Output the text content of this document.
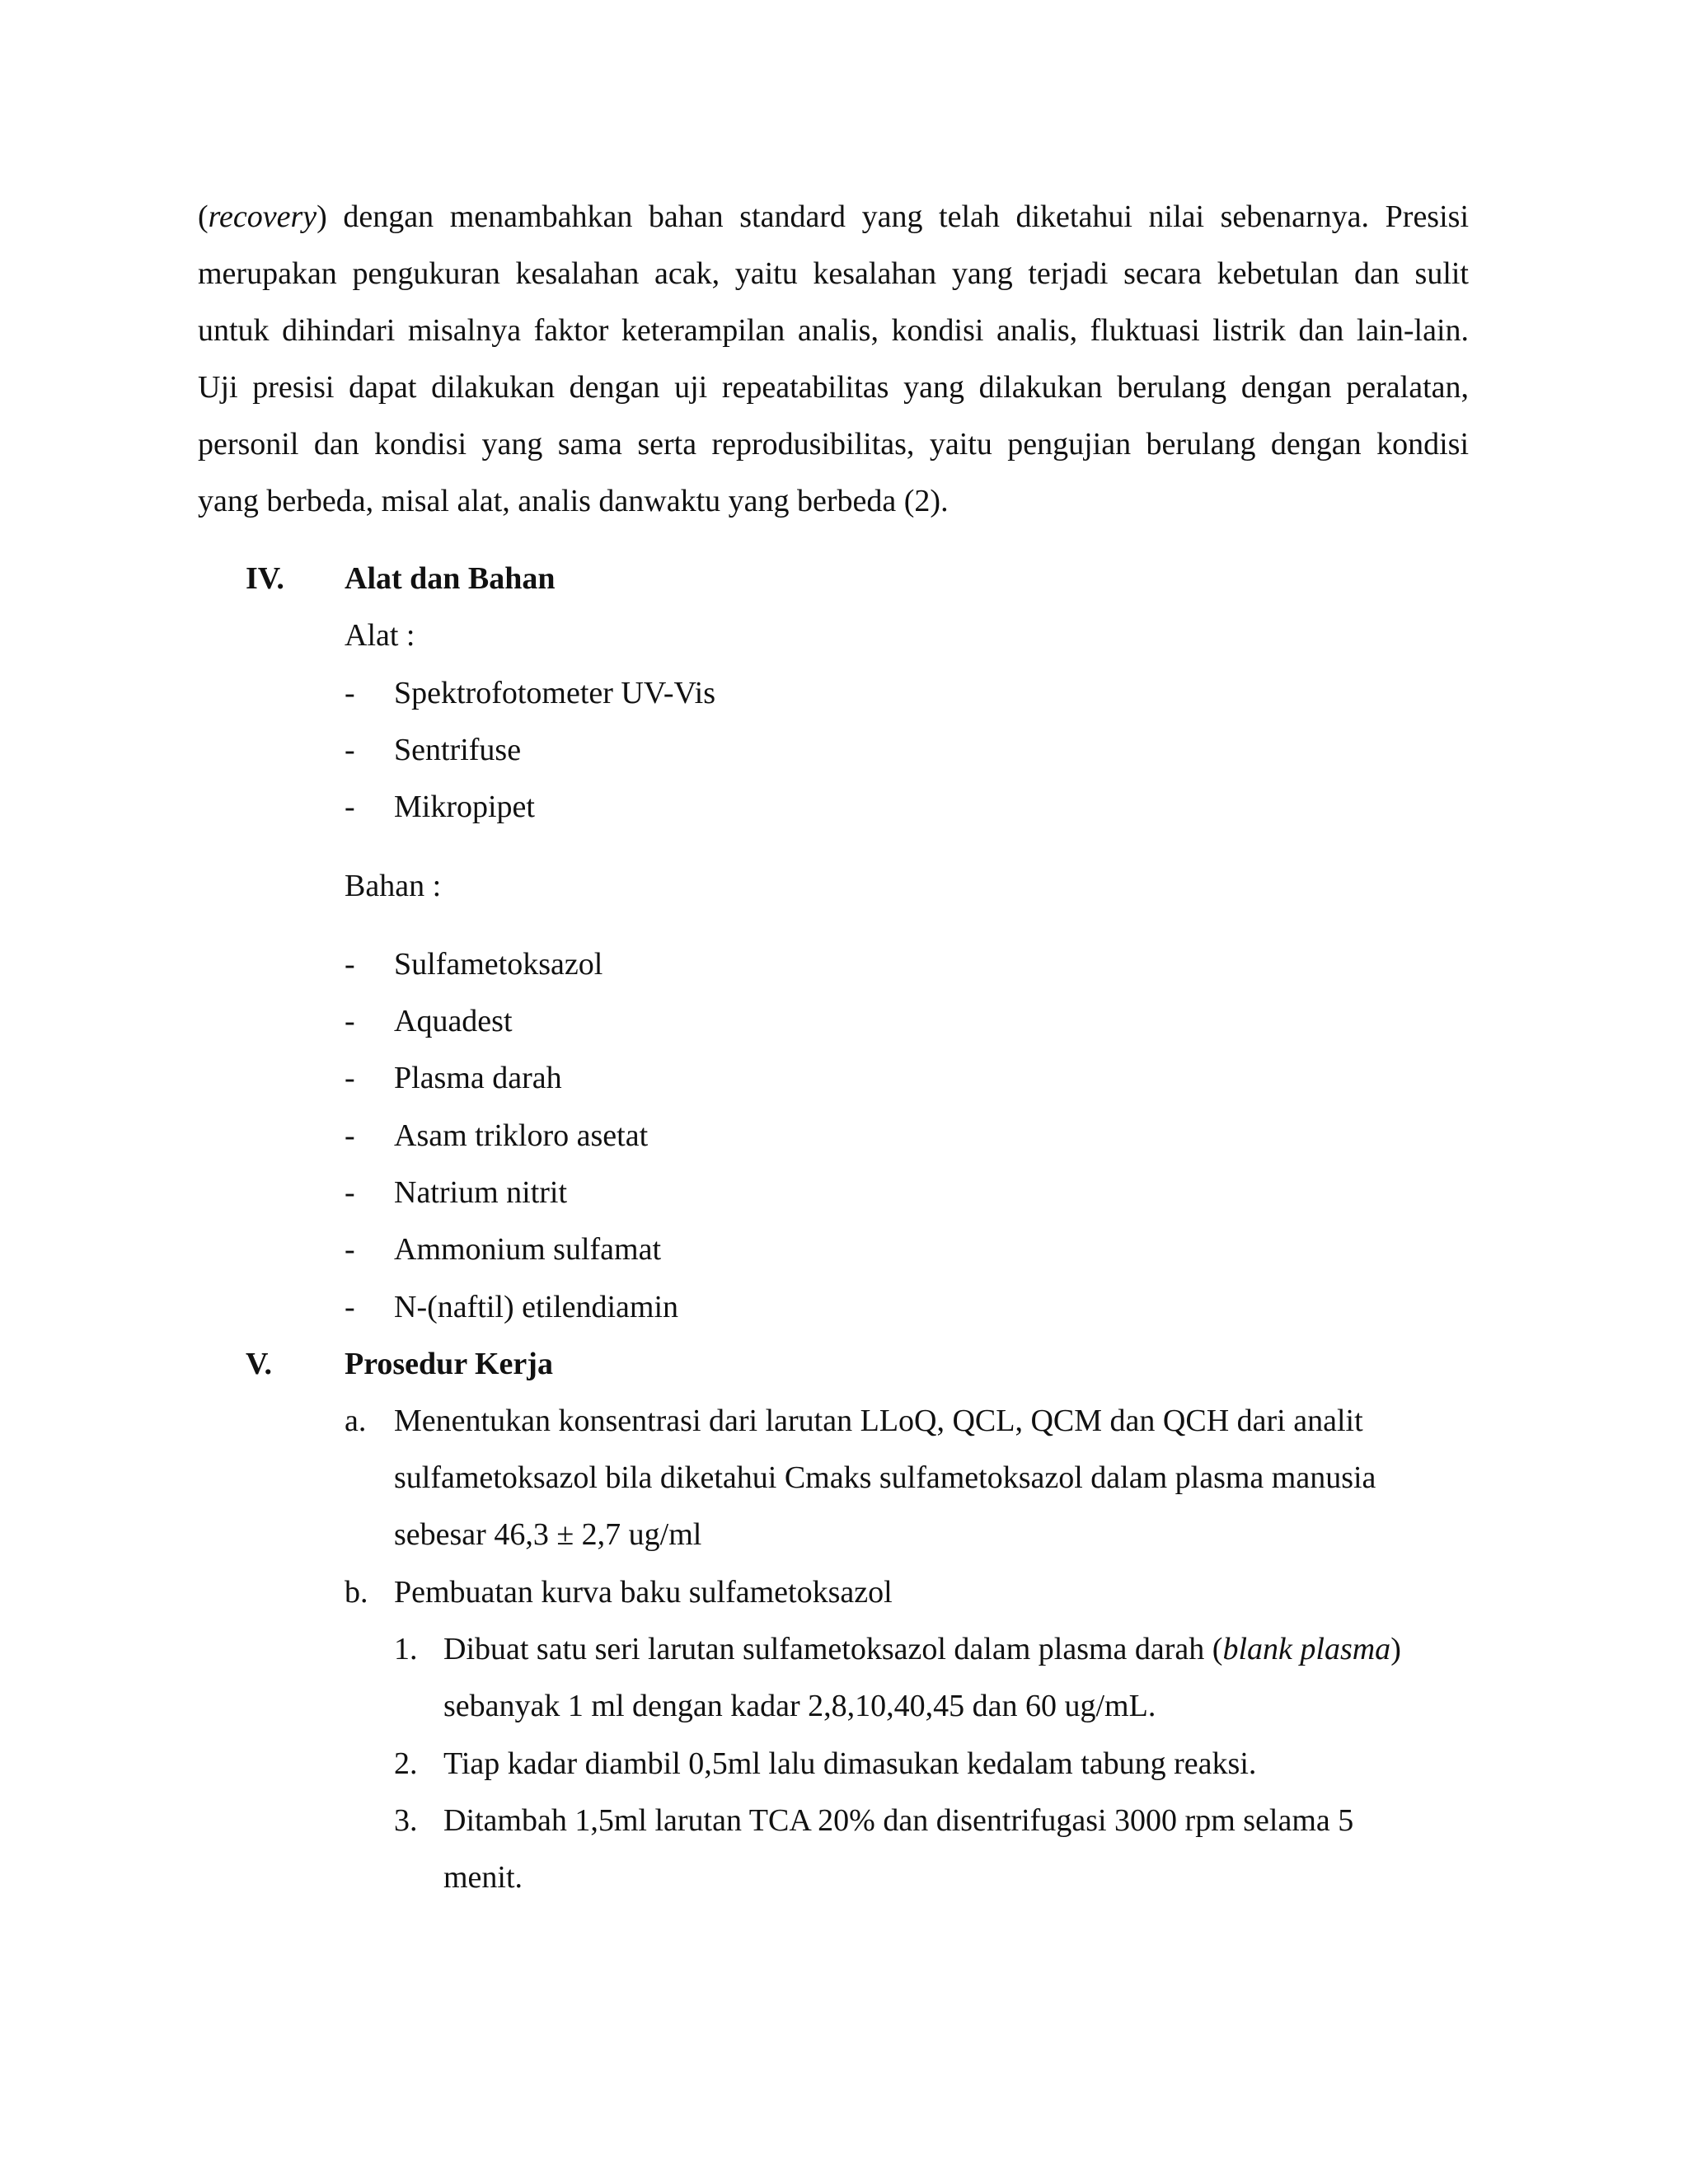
(recovery) dengan menambahkan bahan standard yang telah diketahui nilai sebenarnya. Presisi
merupakan pengukuran kesalahan acak, yaitu kesalahan yang terjadi secara kebetulan dan sulit
untuk dihindari misalnya faktor keterampilan analis, kondisi analis, fluktuasi listrik dan lain-lain.
Uji presisi dapat dilakukan dengan uji repeatabilitas yang dilakukan berulang dengan peralatan,
personil dan kondisi yang sama serta reprodusibilitas, yaitu pengujian berulang dengan kondisi
yang berbeda, misal alat, analis danwaktu yang berbeda (2).
IV. Alat dan Bahan
Alat :
- Spektrofotometer UV-Vis
- Sentrifuse
- Mikropipet
Bahan :
- Sulfametoksazol
- Aquadest
- Plasma darah
- Asam trikloro asetat
- Natrium nitrit
- Ammonium sulfamat
- N-(naftil) etilendiamin
V. Prosedur Kerja
a. Menentukan konsentrasi dari larutan LLoQ, QCL, QCM dan QCH dari analit
sulfametoksazol bila diketahui Cmaks sulfametoksazol dalam plasma manusia
sebesar 46,3 ± 2,7 ug/ml
b. Pembuatan kurva baku sulfametoksazol
1. Dibuat satu seri larutan sulfametoksazol dalam plasma darah (blank plasma)
sebanyak 1 ml dengan kadar 2,8,10,40,45 dan 60 ug/mL.
2. Tiap kadar diambil 0,5ml lalu dimasukan kedalam tabung reaksi.
3. Ditambah 1,5ml larutan TCA 20% dan disentrifugasi 3000 rpm selama 5
menit.
